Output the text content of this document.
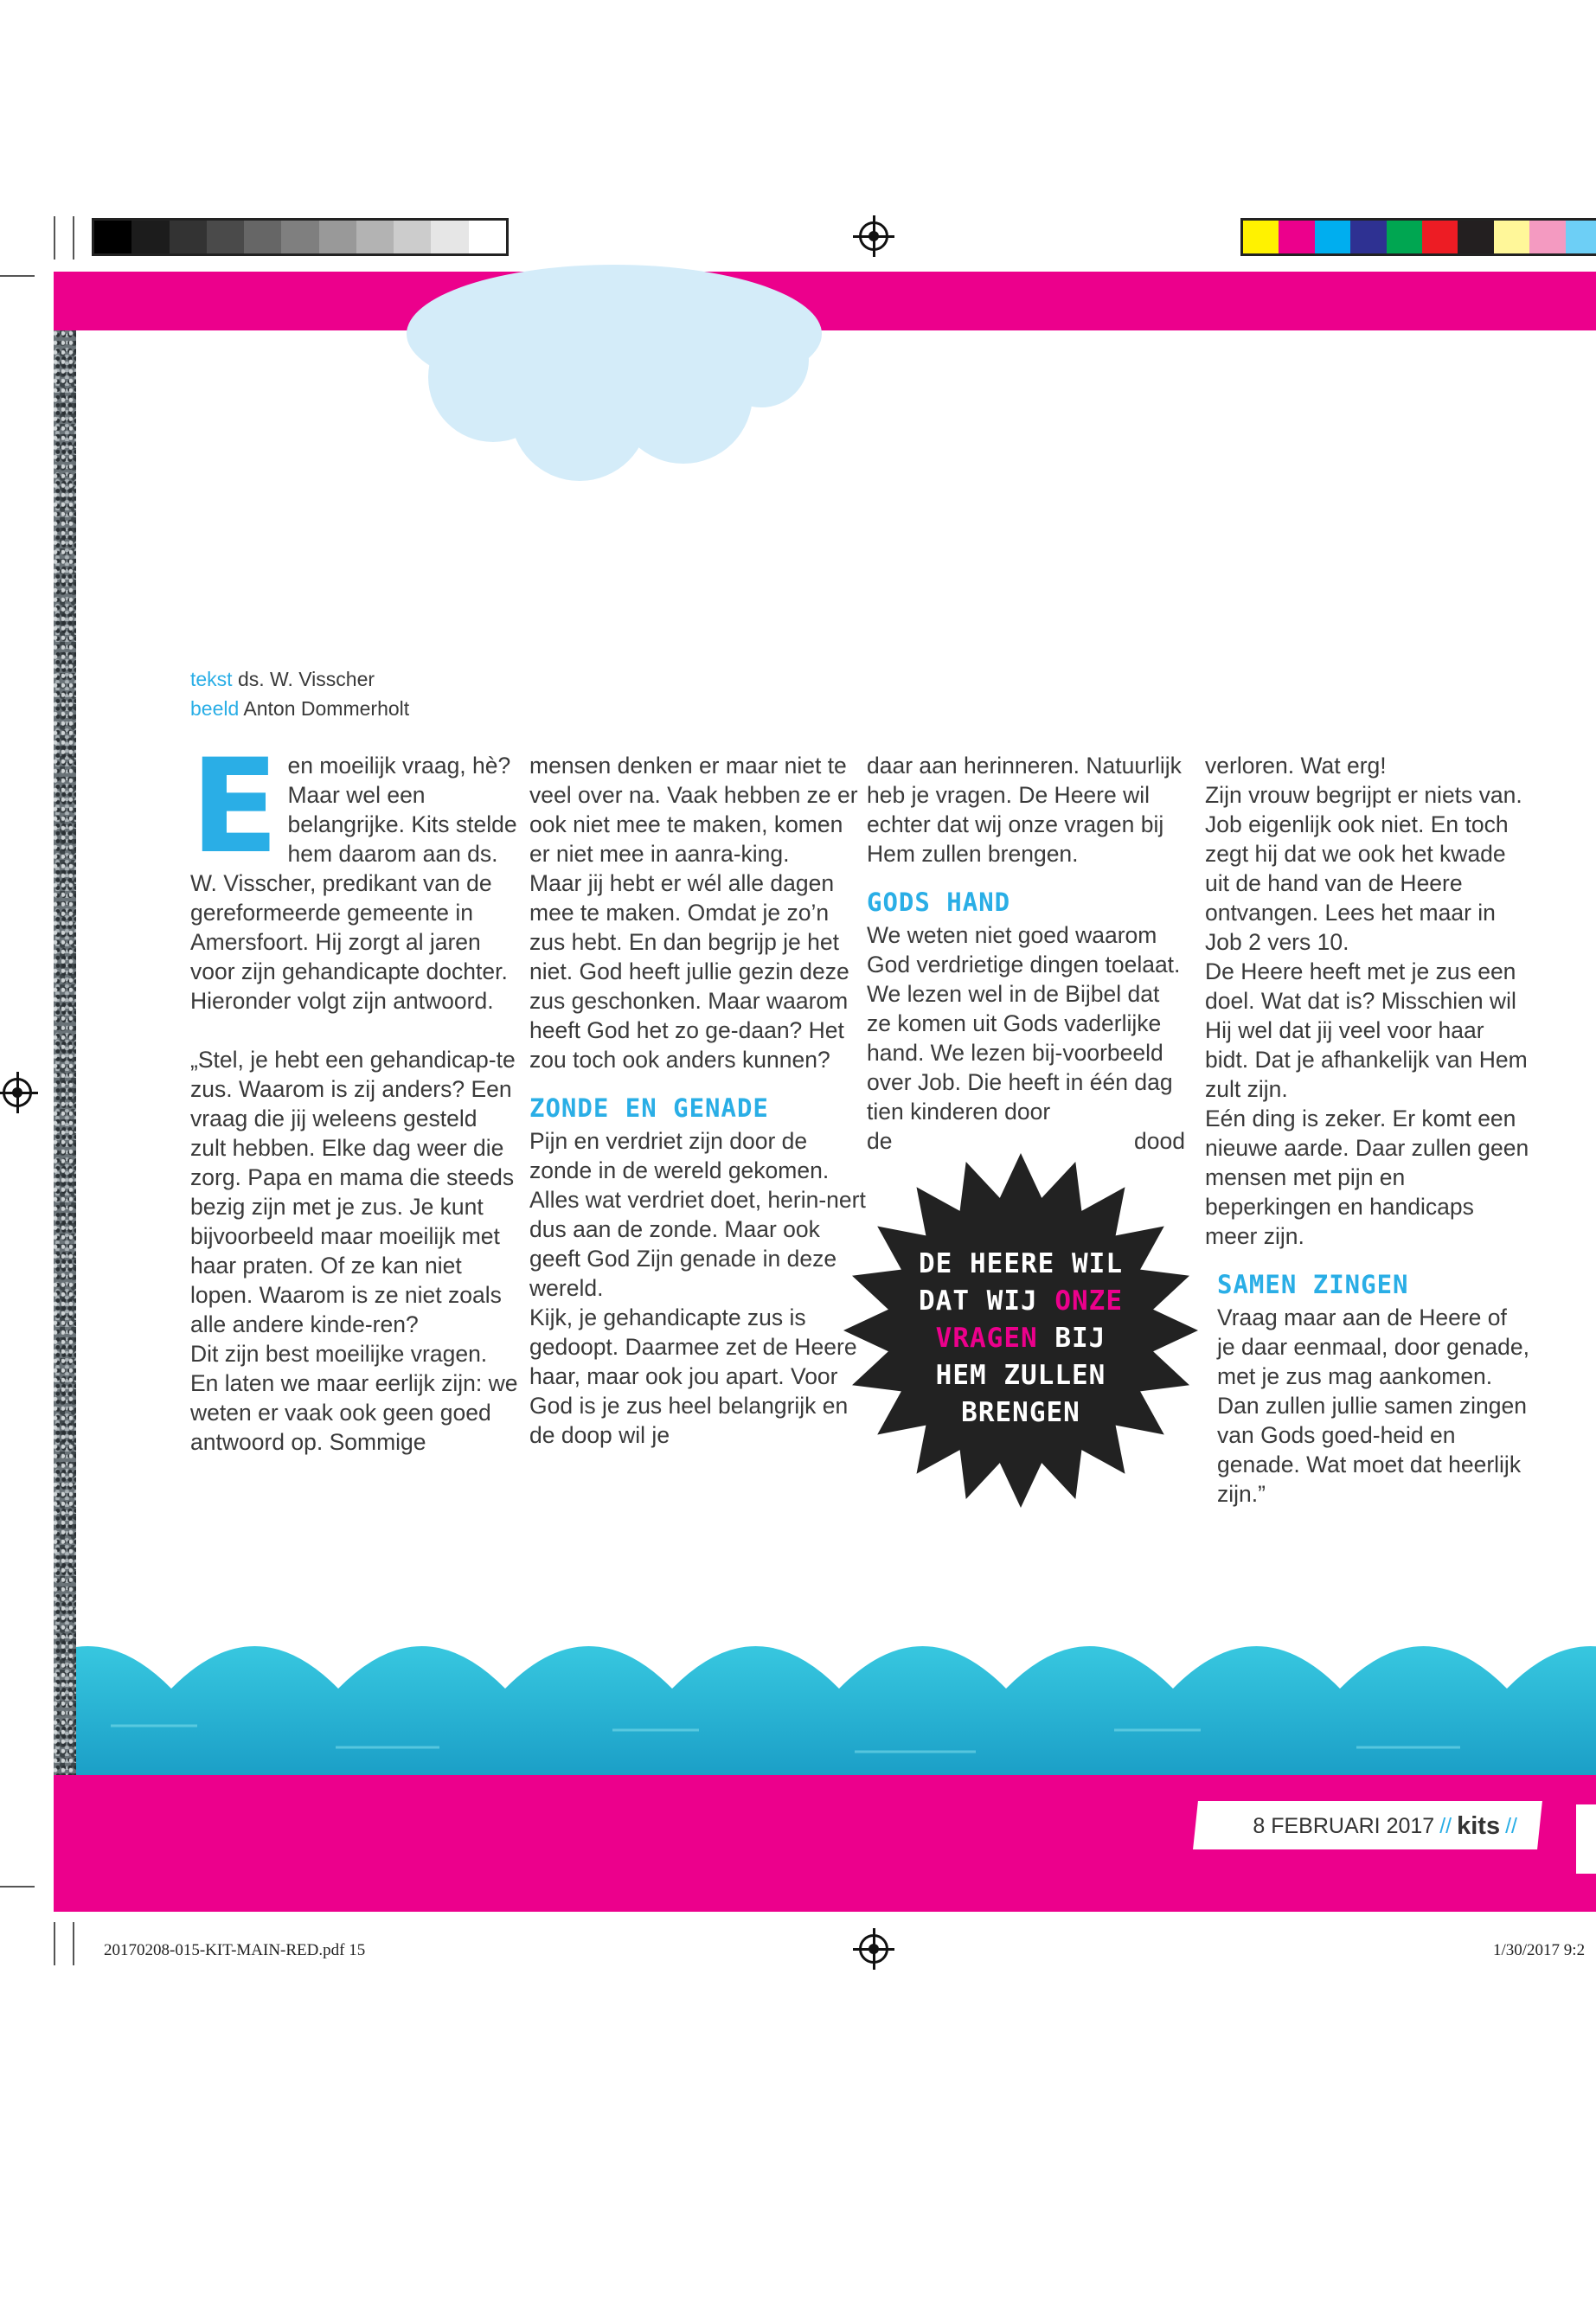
tekst ds. W. Visscher
beeld Anton Dommerholt

Een moeilijk vraag, hè? Maar wel een belangrijke. Kits stelde hem daarom aan ds. W. Visscher, predikant van de gereformeerde gemeente in Amersfoort. Hij zorgt al jaren voor zijn gehandicapte dochter. Hieronder volgt zijn antwoord.

„Stel, je hebt een gehandicap-te zus. Waarom is zij anders? Een vraag die jij weleens gesteld zult hebben. Elke dag weer die zorg. Papa en mama die steeds bezig zijn met je zus. Je kunt bijvoorbeeld maar moeilijk met haar praten. Of ze kan niet lopen. Waarom is ze niet zoals alle andere kinde-ren?

Dit zijn best moeilijke vragen. En laten we maar eerlijk zijn: we weten er vaak ook geen goed antwoord op. Sommige

mensen denken er maar niet te veel over na. Vaak hebben ze er ook niet mee te maken, komen er niet mee in aanra-king.

Maar jij hebt er wél alle dagen mee te maken. Omdat je zo’n zus hebt. En dan begrijp je het niet. God heeft jullie gezin deze zus geschonken. Maar waarom heeft God het zo ge-daan? Het zou toch ook anders kunnen?

ZONDE EN GENADE

Pijn en verdriet zijn door de zonde in de wereld gekomen. Alles wat verdriet doet, herin-nert dus aan de zonde. Maar ook geeft God Zijn genade in deze wereld.

Kijk, je gehandicapte zus is gedoopt. Daarmee zet de Heere haar, maar ook jou apart. Voor God is je zus heel belangrijk en de doop wil je

daar aan herinneren. Natuurlijk heb je vragen. De Heere wil echter dat wij onze vragen bij Hem zullen brengen.

GODS HAND

We weten niet goed waarom God verdrietige dingen toelaat. We lezen wel in de Bijbel dat ze komen uit Gods vaderlijke hand. We lezen bij-voorbeeld over Job. Die heeft in één dag tien kinderen door

de	dood

verloren. Wat erg!

Zijn vrouw begrijpt er niets van. Job eigenlijk ook niet. En toch zegt hij dat we ook het kwade uit de hand van de Heere ontvangen. Lees het maar in Job 2 vers 10.

De Heere heeft met je zus een doel. Wat dat is? Misschien wil Hij wel dat jij veel voor haar bidt. Dat je afhankelijk van Hem zult zijn.

Eén ding is zeker. Er komt een nieuwe aarde. Daar zullen geen mensen met pijn en beperkingen en handicaps meer zijn.

SAMEN ZINGEN

Vraag maar aan de Heere of je daar eenmaal, door genade, met je zus mag aankomen. Dan zullen jullie samen zingen van Gods goed-heid en genade. Wat moet dat heerlijk zijn.”

DE HEERE WIL
DAT WIJ ONZE
VRAGEN BIJ
HEM ZULLEN
BRENGEN
8 FEBRUARI 2017 // kits //
20170208-015-KIT-MAIN-RED.pdf 15	1/30/2017 9:2
